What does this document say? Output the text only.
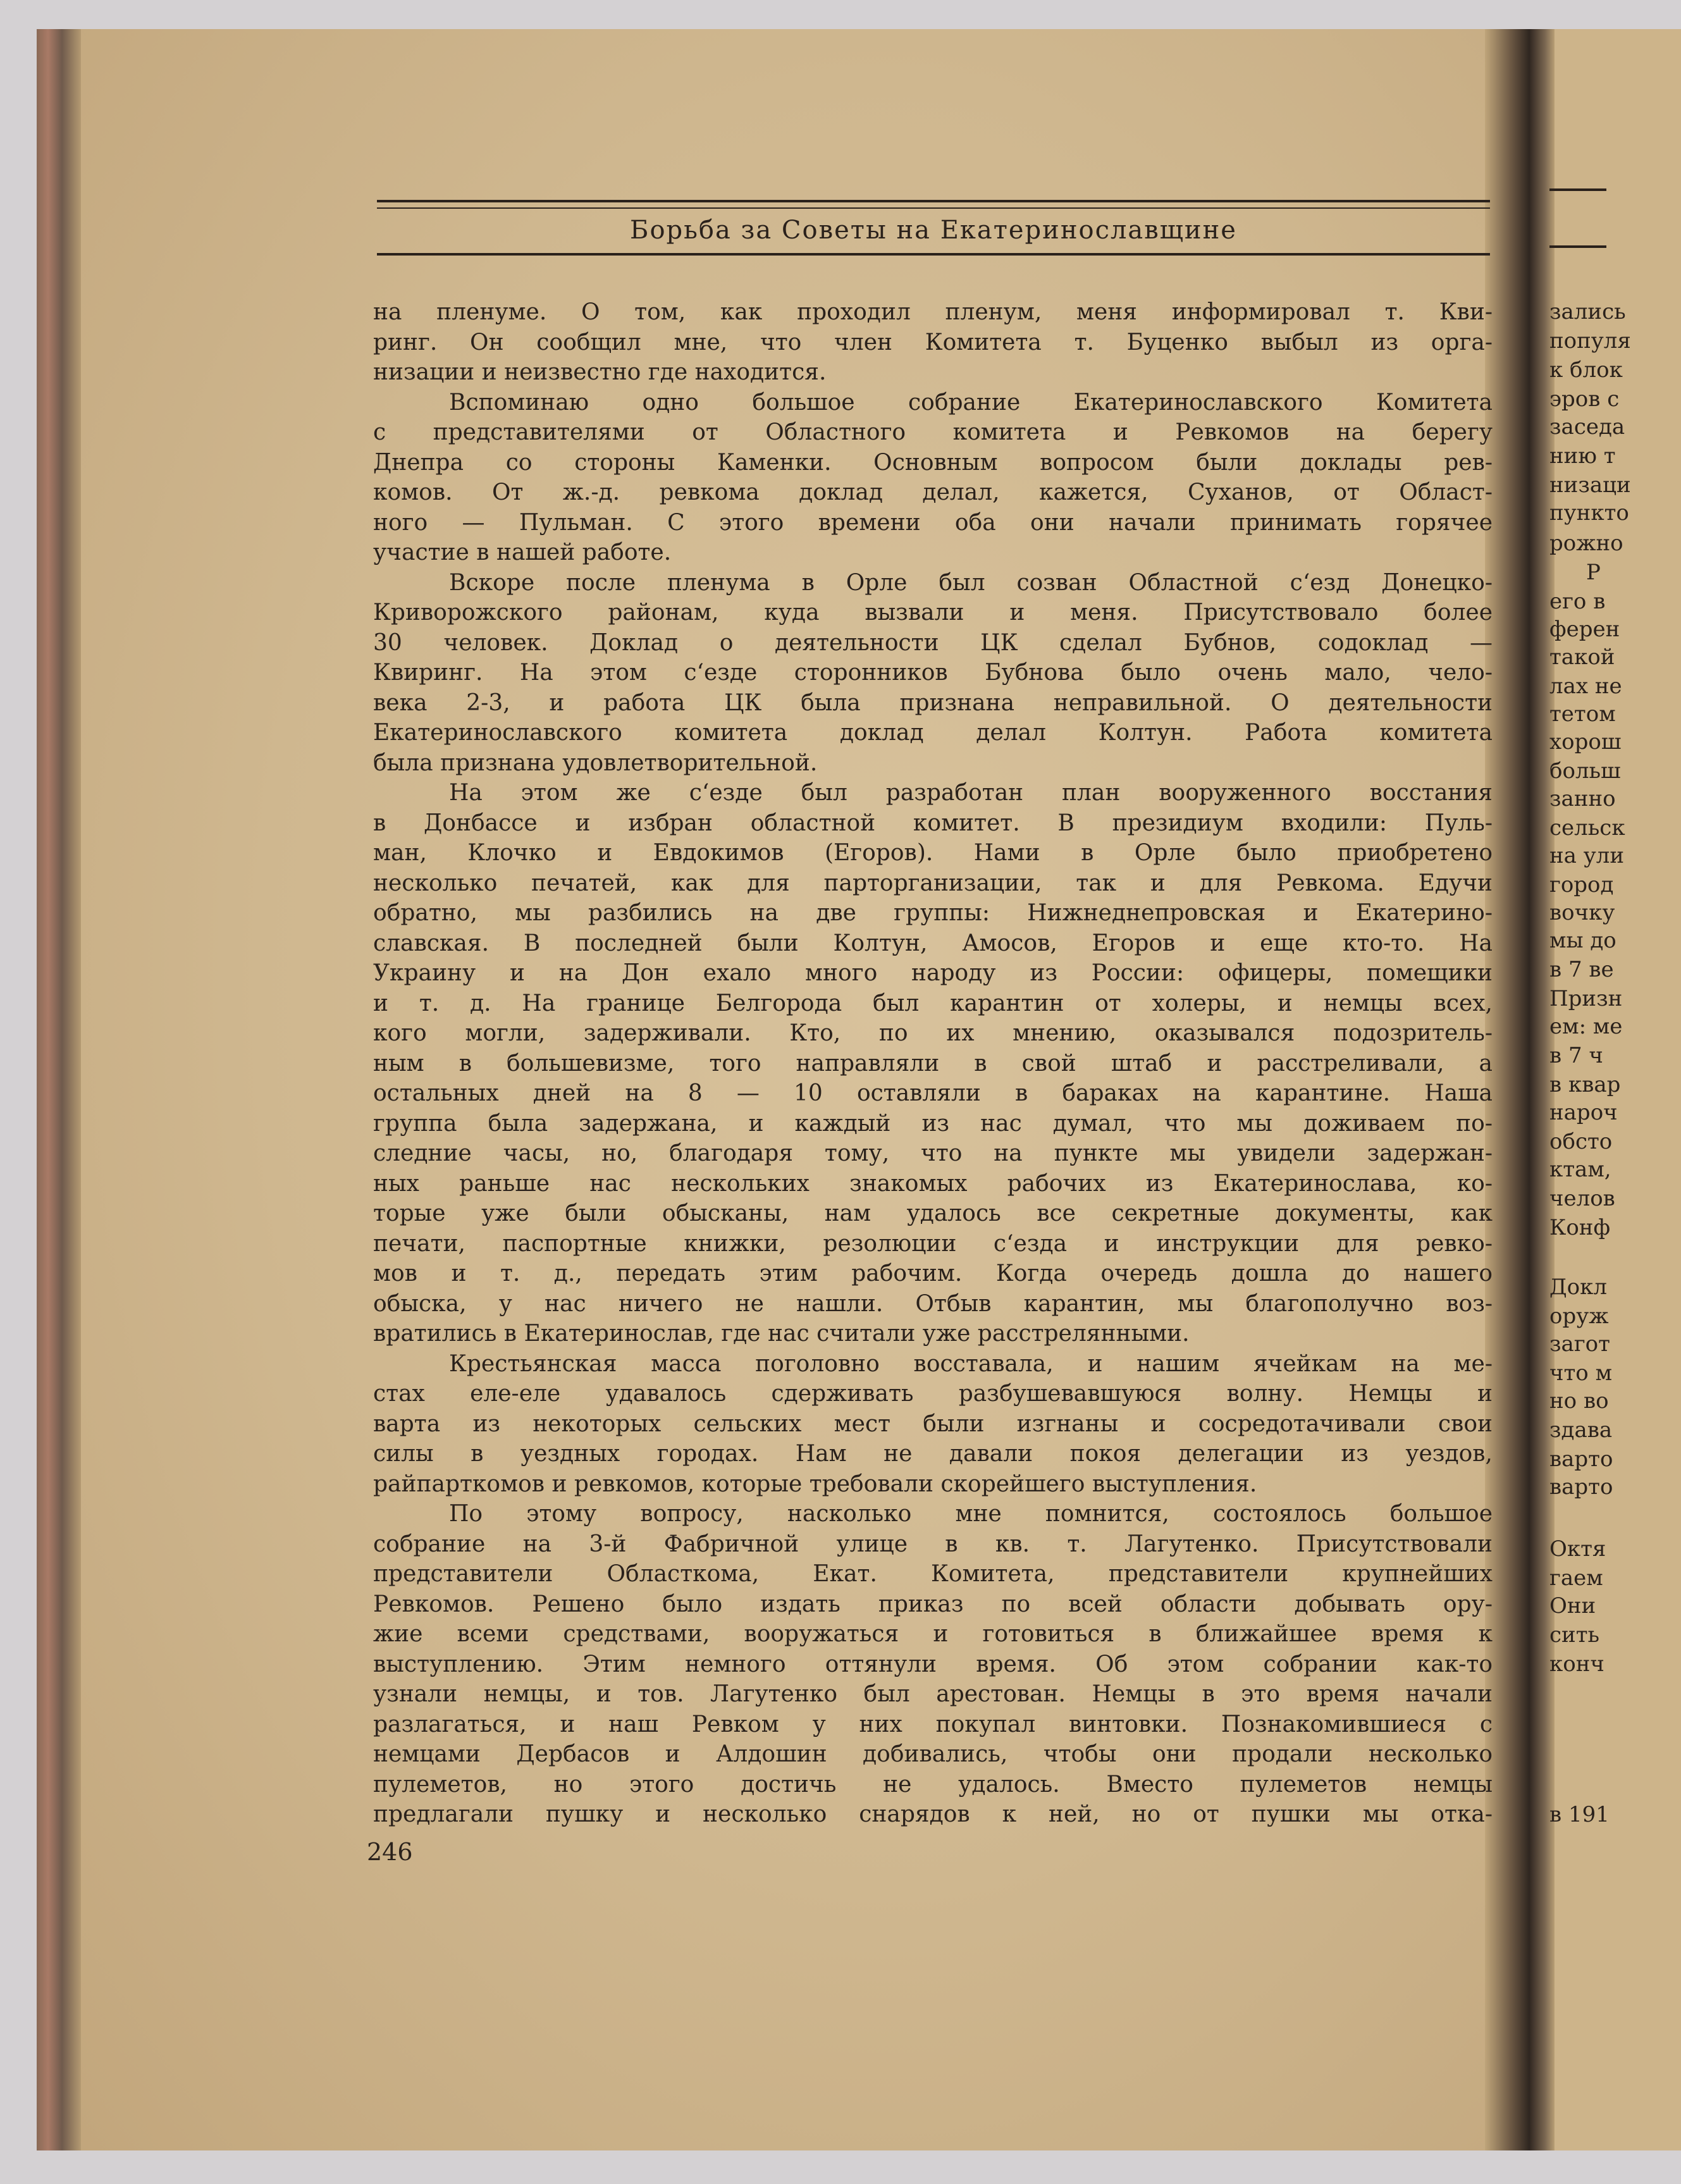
Борьба за Советы на Екатеринославщине
на пленуме. О том, как проходил пленум, меня информировал т. Кви-
ринг. Он сообщил мне, что член Комитета т. Буценко выбыл из орга-
низации и неизвестно где находится.
Вспоминаю одно большое собрание Екатеринославского Комитета
с представителями от Областного комитета и Ревкомов на берегу
Днепра со стороны Каменки. Основным вопросом были доклады рев-
комов. От ж.-д. ревкома доклад делал, кажется, Суханов, от Област-
ного — Пульман. С этого времени оба они начали принимать горячее
участие в нашей работе.
Вскоре после пленума в Орле был созван Областной с‘езд Донецко-
Криворожского районам, куда вызвали и меня. Присутствовало более
30 человек. Доклад о деятельности ЦК сделал Бубнов, содоклад —
Квиринг. На этом с‘езде сторонников Бубнова было очень мало, чело-
века 2-3, и работа ЦК была признана неправильной. О деятельности
Екатеринославского комитета доклад делал Колтун. Работа комитета
была признана удовлетворительной.
На этом же с‘езде был разработан план вооруженного восстания
в Донбассе и избран областной комитет. В президиум входили: Пуль-
ман, Клочко и Евдокимов (Егоров). Нами в Орле было приобретено
несколько печатей, как для парторганизации, так и для Ревкома. Едучи
обратно, мы разбились на две группы: Нижнеднепровская и Екатерино-
славская. В последней были Колтун, Амосов, Егоров и еще кто-то. На
Украину и на Дон ехало много народу из России: офицеры, помещики
и т. д. На границе Белгорода был карантин от холеры, и немцы всех,
кого могли, задерживали. Кто, по их мнению, оказывался подозритель-
ным в большевизме, того направляли в свой штаб и расстреливали, а
остальных дней на 8 — 10 оставляли в бараках на карантине. Наша
группа была задержана, и каждый из нас думал, что мы доживаем по-
следние часы, но, благодаря тому, что на пункте мы увидели задержан-
ных раньше нас нескольких знакомых рабочих из Екатеринослава, ко-
торые уже были обысканы, нам удалось все секретные документы, как
печати, паспортные книжки, резолюции с‘езда и инструкции для ревко-
мов и т. д., передать этим рабочим. Когда очередь дошла до нашего
обыска, у нас ничего не нашли. Отбыв карантин, мы благополучно воз-
вратились в Екатеринослав, где нас считали уже расстрелянными.
Крестьянская масса поголовно восставала, и нашим ячейкам на ме-
стах еле-еле удавалось сдерживать разбушевавшуюся волну. Немцы и
варта из некоторых сельских мест были изгнаны и сосредотачивали свои
силы в уездных городах. Нам не давали покоя делегации из уездов,
райпарткомов и ревкомов, которые требовали скорейшего выступления.
По этому вопросу, насколько мне помнится, состоялось большое
собрание на 3-й Фабричной улице в кв. т. Лагутенко. Присутствовали
представители Областкома, Екат. Комитета, представители крупнейших
Ревкомов. Решено было издать приказ по всей области добывать ору-
жие всеми средствами, вооружаться и готовиться в ближайшее время к
выступлению. Этим немного оттянули время. Об этом собрании как-то
узнали немцы, и тов. Лагутенко был арестован. Немцы в это время начали
разлагаться, и наш Ревком у них покупал винтовки. Познакомившиеся с
немцами Дербасов и Алдошин добивались, чтобы они продали несколько
пулеметов, но этого достичь не удалось. Вместо пулеметов немцы
предлагали пушку и несколько снарядов к ней, но от пушки мы отка-
246
зались
популя
к блок
эров с
заседа
нию т
низаци
пункто
рожно
Р
его в
ферен
такой
лах не
тетом
хорош
больш
занно
сельск
на ули
город
вочку
мы до
в 7 ве
Призн
ем: ме
в 7 ч
в квар
нароч
обсто
ктам,
челов
Конф
Докл
оруж
загот
что м
но во
здава
варто
варто
Октя
гаем
Они
сить
конч
в 191
